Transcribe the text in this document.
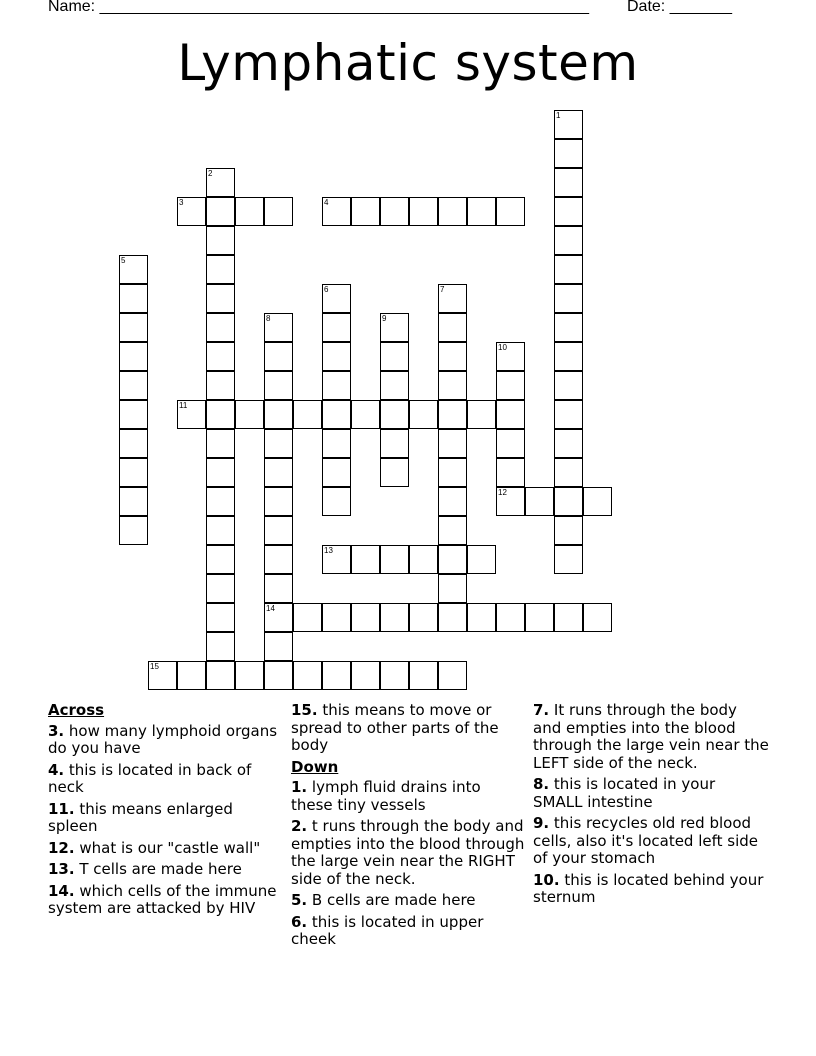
Name: _______________________________________________________ Date: _______
Lymphatic system
1
2
3	4
5
6	7
8
14
9
10
12
11
13
15
Across
3. how many lymphoid organs do you have
4. this is located in back of neck
11. this means enlarged spleen
12. what is our "castle wall"
13. T cells are made here
14. which cells of the immune system are attacked by HIV
15. this means to move or spread to other parts of the body
Down
1. lymph fluid drains into these tiny vessels
2. t runs through the body and empties into the blood through the large vein near the RIGHT side of the neck.
5. B cells are made here
6. this is located in upper cheek
7. It runs through the body and empties into the blood through the large vein near the LEFT side of the neck.
8. this is located in your SMALL intestine
9. this recycles old red blood cells, also it's located left side of your stomach
10. this is located behind your sternum
